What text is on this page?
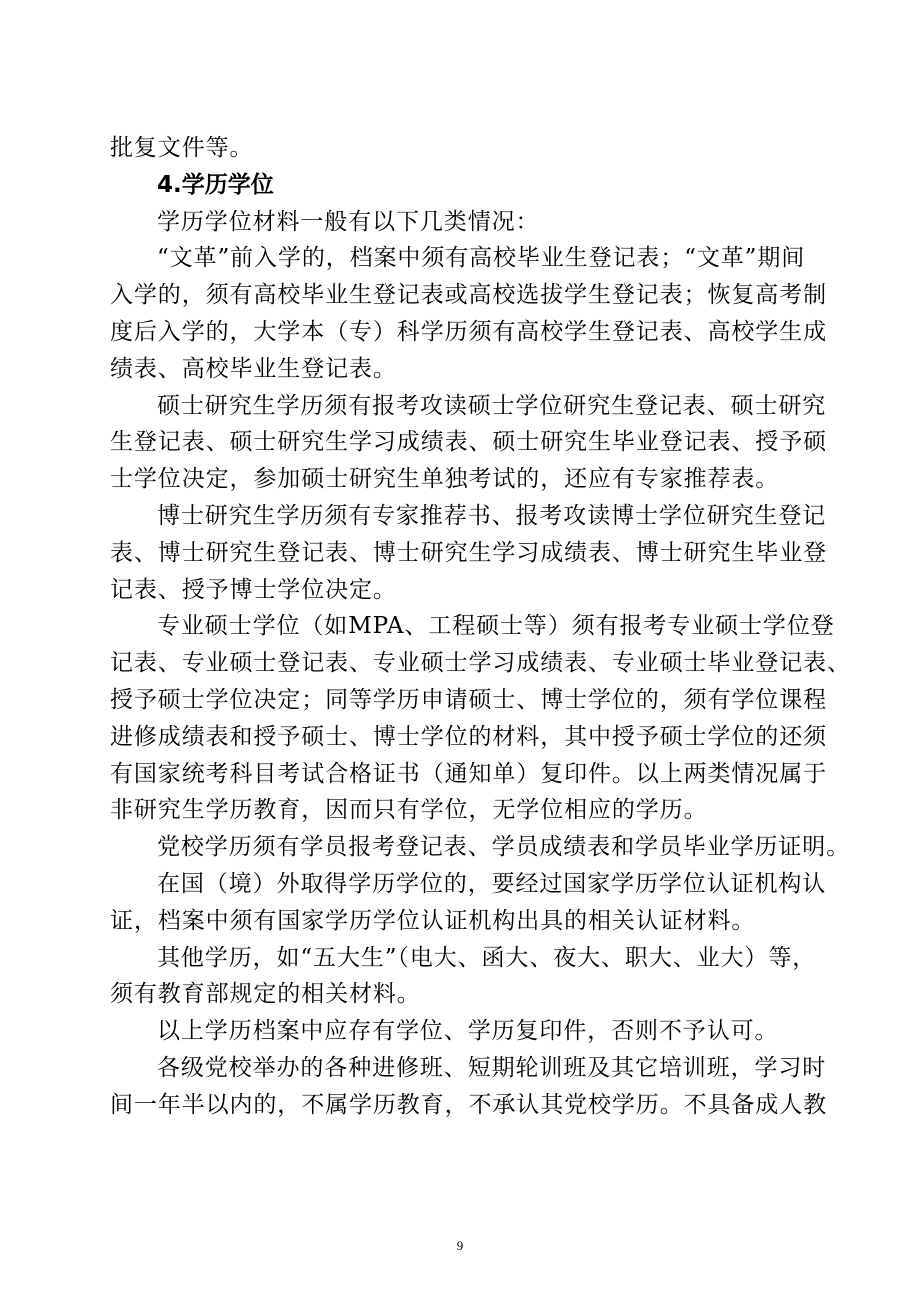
批复文件等。
4.学历学位
学历学位材料一般有以下几类情况：
“文革”前入学的，档案中须有高校毕业生登记表；“文革”期间
入学的，须有高校毕业生登记表或高校选拔学生登记表；恢复高考制
度后入学的，大学本（专）科学历须有高校学生登记表、高校学生成
绩表、高校毕业生登记表。
硕士研究生学历须有报考攻读硕士学位研究生登记表、硕士研究
生登记表、硕士研究生学习成绩表、硕士研究生毕业登记表、授予硕
士学位决定，参加硕士研究生单独考试的，还应有专家推荐表。
博士研究生学历须有专家推荐书、报考攻读博士学位研究生登记
表、博士研究生登记表、博士研究生学习成绩表、博士研究生毕业登
记表、授予博士学位决定。
专业硕士学位（如MPA、工程硕士等）须有报考专业硕士学位登
记表、专业硕士登记表、专业硕士学习成绩表、专业硕士毕业登记表、
授予硕士学位决定；同等学历申请硕士、博士学位的，须有学位课程
进修成绩表和授予硕士、博士学位的材料，其中授予硕士学位的还须
有国家统考科目考试合格证书（通知单）复印件。以上两类情况属于
非研究生学历教育，因而只有学位，无学位相应的学历。
党校学历须有学员报考登记表、学员成绩表和学员毕业学历证明。
在国（境）外取得学历学位的，要经过国家学历学位认证机构认
证，档案中须有国家学历学位认证机构出具的相关认证材料。
其他学历，如“五大生”（电大、函大、夜大、职大、业大）等，
须有教育部规定的相关材料。
以上学历档案中应存有学位、学历复印件，否则不予认可。
各级党校举办的各种进修班、短期轮训班及其它培训班，学习时
间一年半以内的，不属学历教育，不承认其党校学历。不具备成人教
9
